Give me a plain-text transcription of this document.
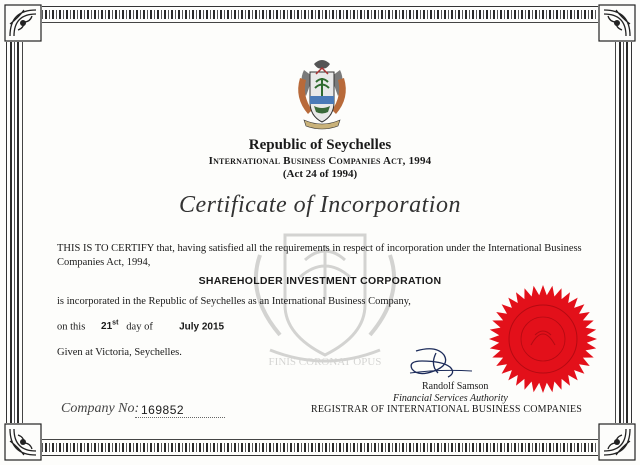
FINIS CORONAT OPUS
Republic of Seychelles
International Business Companies Act, 1994
(Act 24 of 1994)
Certificate of Incorporation
THIS IS TO CERTIFY that, having satisfied all the requirements in respect of incorporation under the International Business Companies Act, 1994,
SHAREHOLDER INVESTMENT CORPORATION
is incorporated in the Republic of Seychelles as an International Business Company,
on this 21st day of	July 2015
Given at Victoria, Seychelles.
Randolf Samson
Financial Services Authority
REGISTRAR OF INTERNATIONAL BUSINESS COMPANIES
Company No: 169852
